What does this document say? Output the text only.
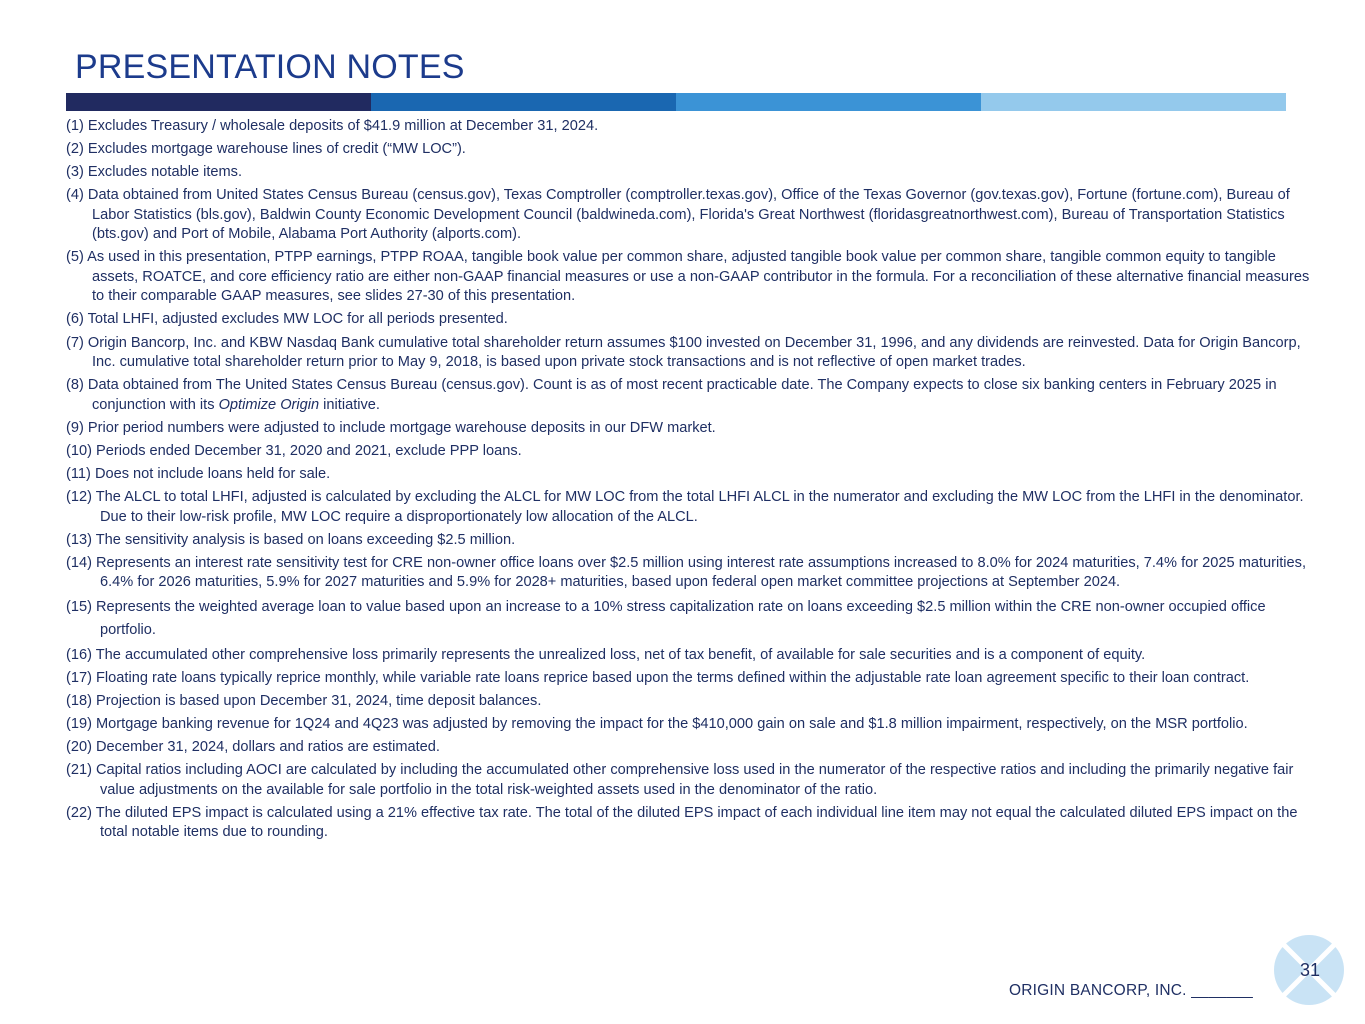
PRESENTATION NOTES
(1) Excludes Treasury / wholesale deposits of $41.9 million at December 31, 2024.
(2) Excludes mortgage warehouse lines of credit (“MW LOC”).
(3) Excludes notable items.
(4) Data obtained from United States Census Bureau (census.gov), Texas Comptroller (comptroller.texas.gov), Office of the Texas Governor (gov.texas.gov), Fortune (fortune.com), Bureau of Labor Statistics (bls.gov), Baldwin County Economic Development Council (baldwineda.com), Florida's Great Northwest (floridasgreatnorthwest.com), Bureau of Transportation Statistics (bts.gov) and Port of Mobile, Alabama Port Authority (alports.com).
(5) As used in this presentation, PTPP earnings, PTPP ROAA, tangible book value per common share, adjusted tangible book value per common share, tangible common equity to tangible assets, ROATCE, and core efficiency ratio are either non-GAAP financial measures or use a non-GAAP contributor in the formula. For a reconciliation of these alternative financial measures to their comparable GAAP measures, see slides 27-30 of this presentation.
(6) Total LHFI, adjusted excludes MW LOC for all periods presented.
(7) Origin Bancorp, Inc. and KBW Nasdaq Bank cumulative total shareholder return assumes $100 invested on December 31, 1996, and any dividends are reinvested. Data for Origin Bancorp, Inc. cumulative total shareholder return prior to May 9, 2018, is based upon private stock transactions and is not reflective of open market trades.
(8) Data obtained from The United States Census Bureau (census.gov). Count is as of most recent practicable date. The Company expects to close six banking centers in February 2025 in conjunction with its Optimize Origin initiative.
(9) Prior period numbers were adjusted to include mortgage warehouse deposits in our DFW market.
(10) Periods ended December 31, 2020 and 2021, exclude PPP loans.
(11) Does not include loans held for sale.
(12) The ALCL to total LHFI, adjusted is calculated by excluding the ALCL for MW LOC from the total LHFI ALCL in the numerator and excluding the MW LOC from the LHFI in the denominator. Due to their low-risk profile, MW LOC require a disproportionately low allocation of the ALCL.
(13) The sensitivity analysis is based on loans exceeding $2.5 million.
(14) Represents an interest rate sensitivity test for CRE non-owner office loans over $2.5 million using interest rate assumptions increased to 8.0% for 2024 maturities, 7.4% for 2025 maturities, 6.4% for 2026 maturities, 5.9% for 2027 maturities and 5.9% for 2028+ maturities, based upon federal open market committee projections at September 2024.
(15) Represents the weighted average loan to value based upon an increase to a 10% stress capitalization rate on loans exceeding $2.5 million within the CRE non-owner occupied office portfolio.
(16) The accumulated other comprehensive loss primarily represents the unrealized loss, net of tax benefit, of available for sale securities and is a component of equity.
(17) Floating rate loans typically reprice monthly, while variable rate loans reprice based upon the terms defined within the adjustable rate loan agreement specific to their loan contract.
(18) Projection is based upon December 31, 2024, time deposit balances.
(19) Mortgage banking revenue for 1Q24 and 4Q23 was adjusted by removing the impact for the $410,000 gain on sale and $1.8 million impairment, respectively, on the MSR portfolio.
(20) December 31, 2024, dollars and ratios are estimated.
(21) Capital ratios including AOCI are calculated by including the accumulated other comprehensive loss used in the numerator of the respective ratios and including the primarily negative fair value adjustments on the available for sale portfolio in the total risk-weighted assets used in the denominator of the ratio.
(22) The diluted EPS impact is calculated using a 21% effective tax rate. The total of the diluted EPS impact of each individual line item may not equal the calculated diluted EPS impact on the total notable items due to rounding.
ORIGIN BANCORP, INC. _______
31
